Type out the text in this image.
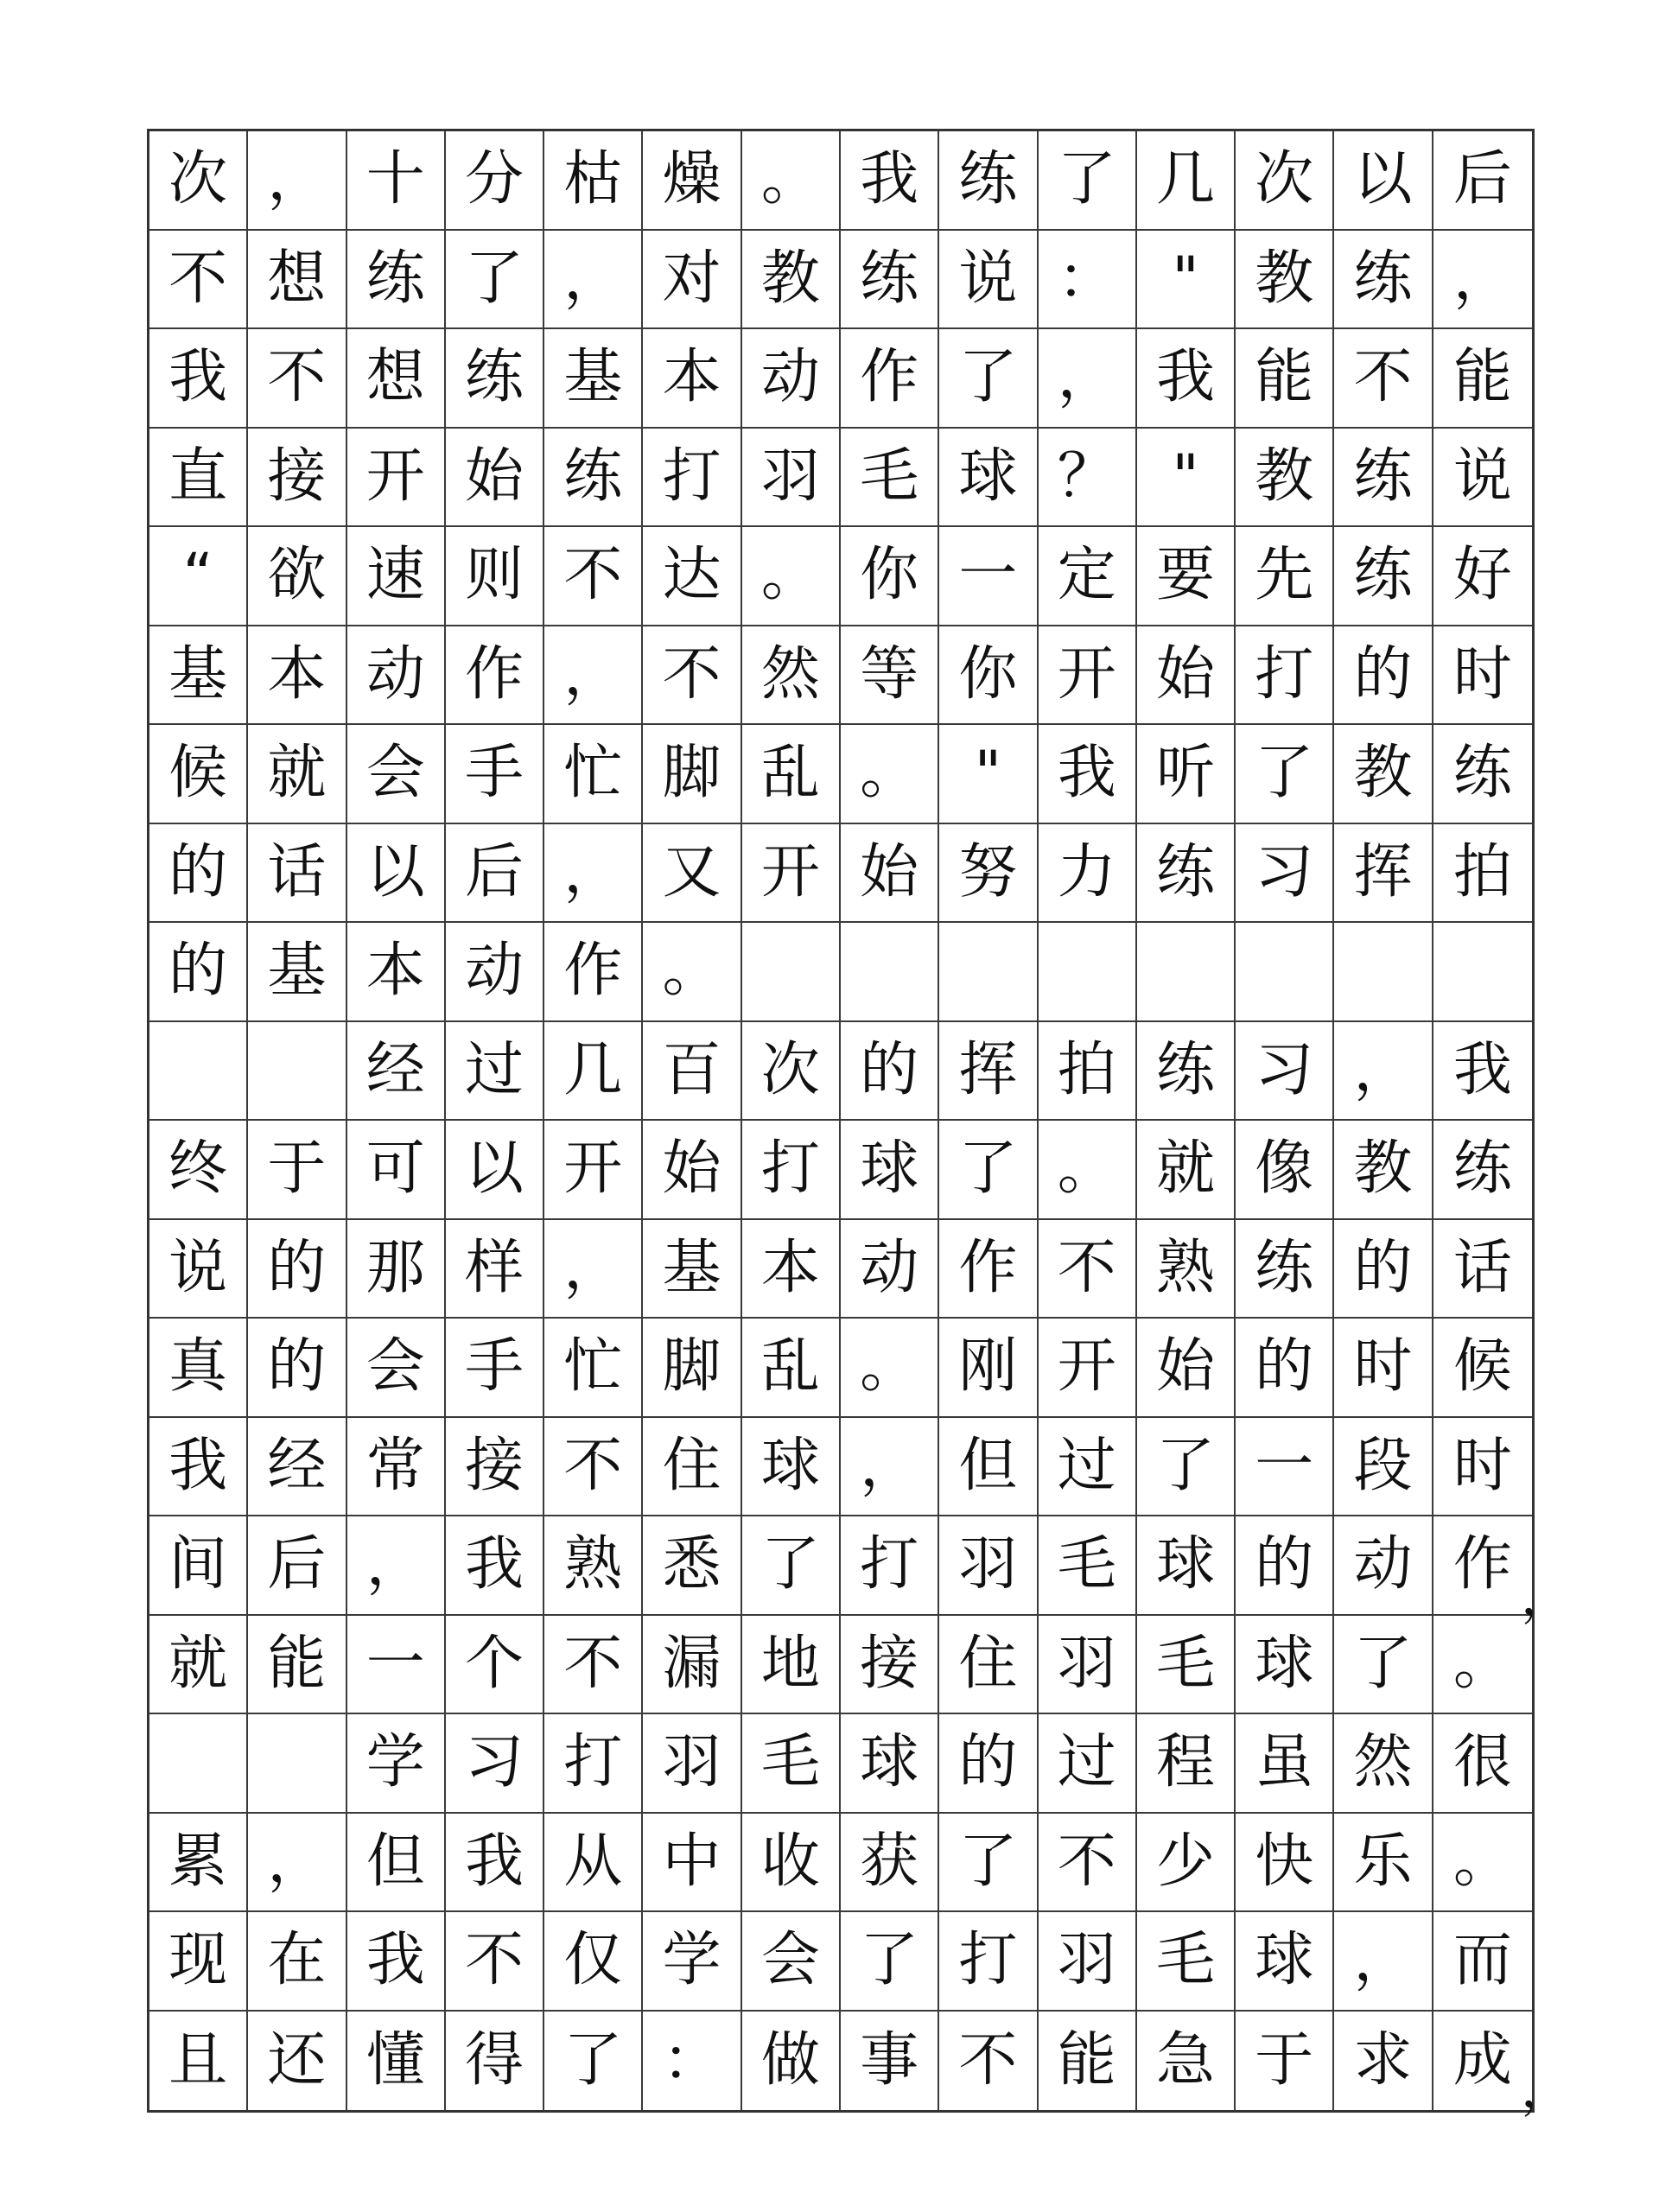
次 ， 十 分 枯 燥 。 我 练 了 几 次 以 后
不 想 练 了 ， 对 教 练 说 ： " 教 练 ，
我 不 想 练 基 本 动 作 了 ， 我 能 不 能
直 接 开 始 练 打 羽 毛 球 ？ " 教 练 说
“ 欲 速 则 不 达 。 你 一 定 要 先 练 好
基 本 动 作 ， 不 然 等 你 开 始 打 的 时
候 就 会 手 忙 脚 乱 。 " 我 听 了 教 练
的 话 以 后 ， 又 开 始 努 力 练 习 挥 拍
的 基 本 动 作 。
经 过 几 百 次 的 挥 拍 练 习 ， 我
终 于 可 以 开 始 打 球 了 。 就 像 教 练
说 的 那 样 ， 基 本 动 作 不 熟 练 的 话
真 的 会 手 忙 脚 乱 。 刚 开 始 的 时 候
我 经 常 接 不 住 球 ， 但 过 了 一 段 时
间 后 ， 我 熟 悉 了 打 羽 毛 球 的 动 作
就 能 一 个 不 漏 地 接 住 羽 毛 球 了 。
学 习 打 羽 毛 球 的 过 程 虽 然 很
累 ， 但 我 从 中 收 获 了 不 少 快 乐 。
现 在 我 不 仅 学 会 了 打 羽 毛 球 ， 而
且 还 懂 得 了 ： 做 事 不 能 急 于 求 成
，
，
